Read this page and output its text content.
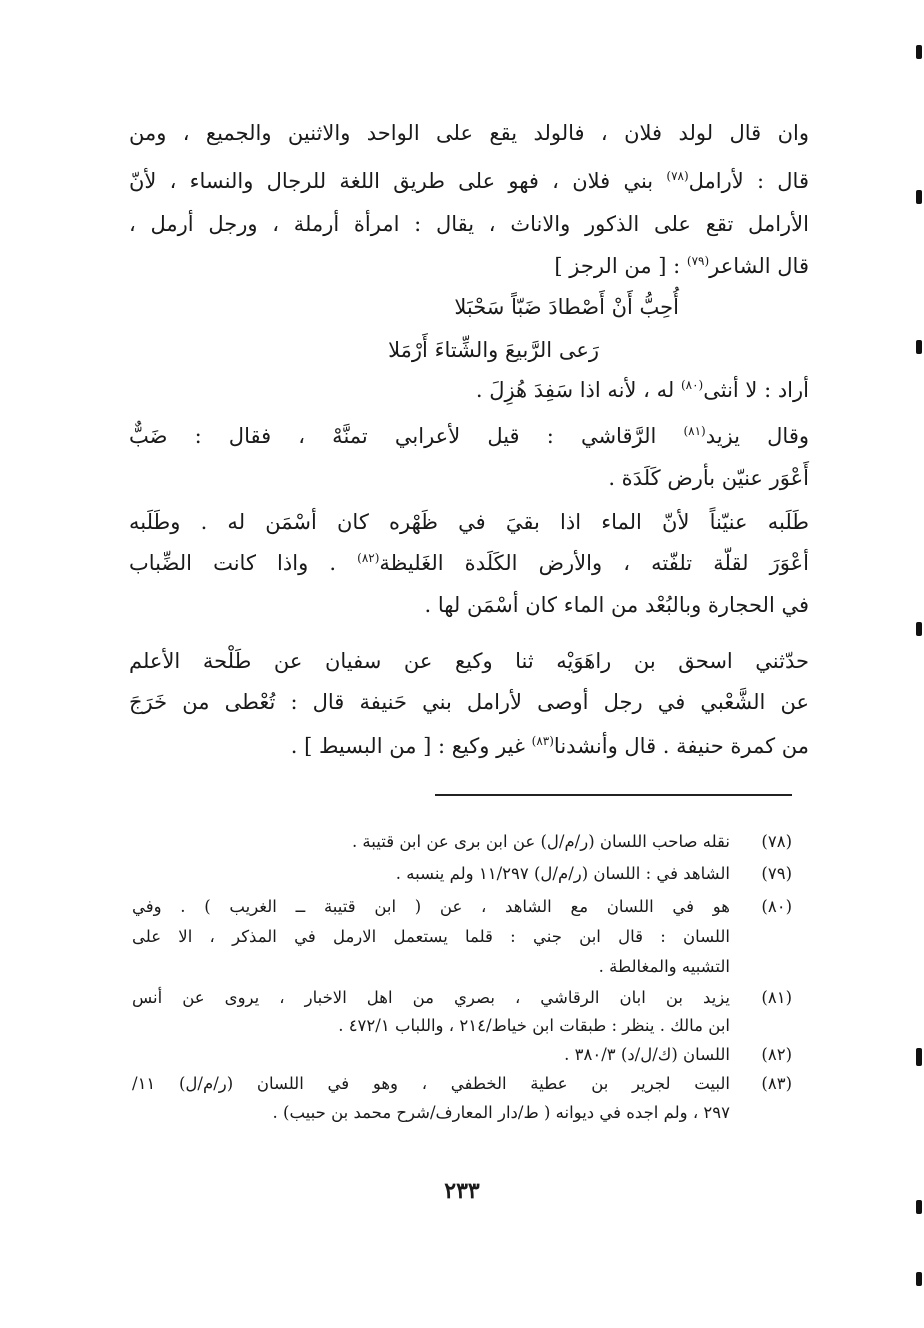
وان قال لولد فلان ، فالولد يقع على الواحد والاثنين والجميع ، ومن
قال : لأرامل$^{(٧٨)}$ بني فلان ، فهو على طريق اللغة للرجال والنساء ، لأنّ
الأرامل تقع على الذكور والاناث ، يقال : امرأة أرملة ، ورجل أرمل ،
قال الشاعر$^{(٧٩)}$ : [ من الرجز ]
أُحِبُّ أَنْ أَصْطادَ ضَبّاً سَحْبَلا
رَعى الرَّبيعَ والشِّتاءَ أَرْمَلا
أراد : لا أنثى$^{(٨٠)}$ له ، لأنه اذا سَفِدَ هُزِلَ .
وقال يزيد$^{(٨١)}$ الرَّقاشي : قيل لأعرابي تمنَّهْ ، فقال : ضَبٌّ
أَعْوَر عنيّن بأرض كَلَدَة .
طَلَبه عنيّناً لأنّ الماء اذا بقيَ في ظَهْره كان أسْمَن له . وطَلَبه
أعْوَرَ لقلّة تلفّته ، والأرض الكَلَدة الغَليظة$^{(٨٢)}$ . واذا كانت الضِّباب
في الحجارة وبالبُعْد من الماء كان أسْمَن لها .
حدّثني اسحق بن راهَوَيْه ثنا وكيع عن سفيان عن طَلْحة الأعلم
عن الشَّعْبي في رجل أوصى لأرامل بني حَنيفة قال : تُعْطى من خَرَجَ
من كمرة حنيفة . قال وأنشدنا$^{(٨٣)}$ غير وكيع : [ من البسيط ] .
(٧٨)
نقله صاحب اللسان (ر/م/ل) عن ابن برى عن ابن قتيبة .
(٧٩)
الشاهد في : اللسان (ر/م/ل) ١١/٢٩٧ ولم ينسبه .
(٨٠)
هو في اللسان مع الشاهد ، عن ( ابن قتيبة ــ الغريب ) . وفي
اللسان : قال ابن جني : قلما يستعمل الارمل في المذكر ، الا على
التشبيه والمغالطة .
(٨١)
يزيد بن ابان الرقاشي ، بصري من اهل الاخبار ، يروى عن أنس
ابن مالك . ينظر : طبقات ابن خياط/٢١٤ ، واللباب ٤٧٢/١ .
(٨٢)
اللسان (ك/ل/د) ٣٨٠/٣ .
(٨٣)
البيت لجرير بن عطية الخطفي ، وهو في اللسان (ر/م/ل) ١١/
٢٩٧ ، ولم اجده في ديوانه ( ط/دار المعارف/شرح محمد بن حبيب) .
٢٣٣
